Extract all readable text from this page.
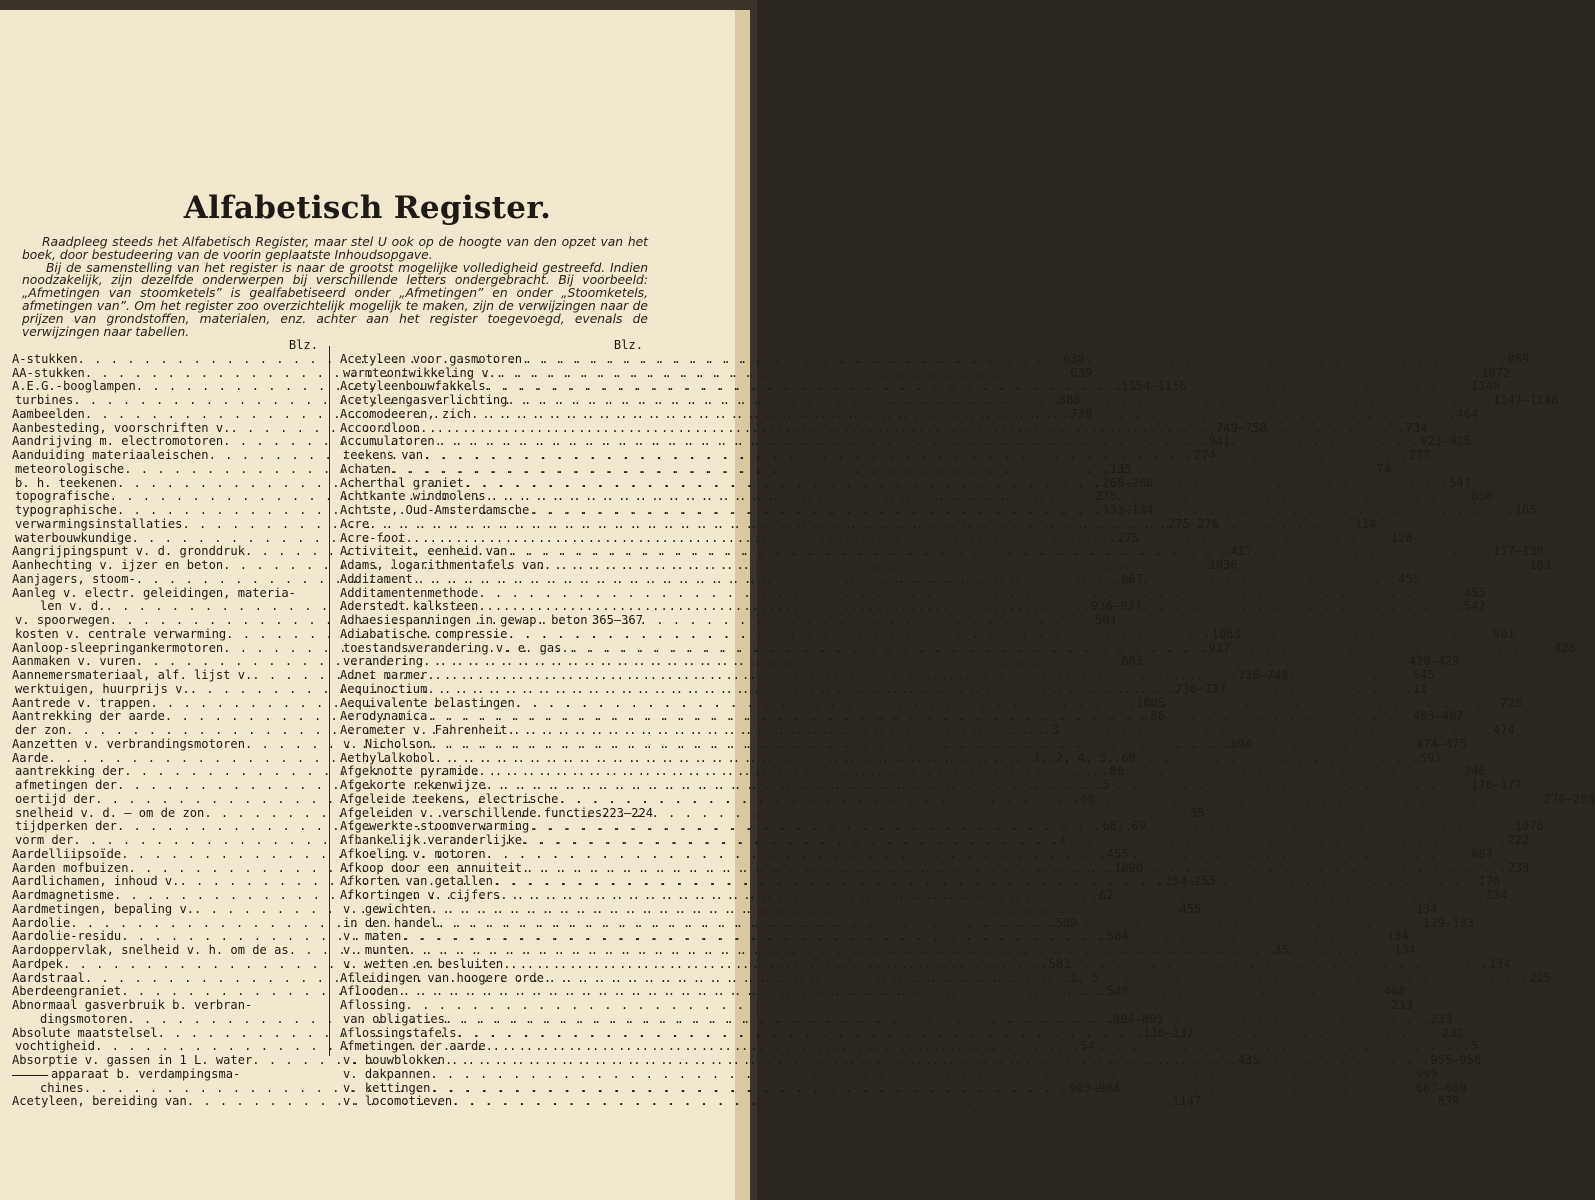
Alfabetisch Register.

Raadpleeg steeds het Alfabetisch Register, maar stel U ook op de hoogte van den opzet van het boek, door bestudeering van de voorin geplaatste Inhoudsopgave.

Bij de samenstelling van het register is naar de grootst mogelijke volledigheid gestreefd. Indien noodzakelijk, zijn dezelfde onderwerpen bij verschillende letters ondergebracht. Bij voorbeeld: „Afmetingen van stoomketels” is gealfabetiseerd onder „Afmetingen” en onder „Stoomketels, afmetingen van”. Om het register zoo overzichtelijk mogelijk te maken, zijn de verwijzingen naar de prijzen van grondstoffen, materialen, enz. achter aan het register toegevoegd, evenals de verwijzingen naar tabellen.

Blz.
A-stukken . . .	638
AA-stukken . . .	639
A.E.G.-booglampen . . .	1154—1156
turbines . . .	880
Aambeelden . . .	738
Aanbesteding, voorschriften v. . . .	749—750
Aandrijving m. electromotoren . . .	941
Aanduiding materiaaleischen . . .	274
meteorologische . . .	135
b. h. teekenen . . .	268—286
topografische . . .	275
typographische . . .	133—134
verwarmingsinstallaties . . .	275—276
waterbouwkundige . . .	275
Aangrijpingspunt v. d. gronddruk . . .	417
Aanhechting v. ijzer en beton . . .	1036
Aanjagers, stoom- . . .	867
Aanleg v. electr. geleidingen, materia-
len v. d. . . .	936—937
v. spoorwegen . . .	501
kosten v. centrale verwarming . . .	1083
Aanloop-sleepringankermotoren . . .	917
Aanmaken v. vuren . . .	863
Aannemersmateriaal, alf. lijst v. . . .	738—748
werktuigen, huurprijs v. . . .	736—737
Aantrede v. trappen . . .	1005
Aantrekking der aarde . . .	86
der zon . . .	3
Aanzetten v. verbrandingsmotoren . . .	894
Aarde . . .	1, 2, 4, 5, 68
aantrekking der . . .	86
afmetingen der . . .	5
oertijd der . . .	68
snelheid v. d. — om de zon . . .	35
tijdperken der . . .	68, 69
vorm der . . .	4
Aardelliipsoïde . . .	455
Aarden mofbuizen . . .	1090
Aardlichamen, inhoud v. . . .	254—255
Aardmagnetisme . . .	62
Aardmetingen, bepaling v. . . .	455
Aardolie . . .	589
Aardolie-residu . . .	584
Aardoppervlak, snelheid v. h. om de as . . .	35
Aardpek . . .	583
Aardstraal . . .	2, 5
Aberdeengraniet . . .	548
Abnormaal gasverbruik b. verbran-
dingsmotoren . . .	894—895
Absolute maatstelsel . . .	136—137
vochtigheid . . .	54
Absorptie v. gassen in 1 L. water . . .	435
apparaat b. verdampingsma-
chines . . .	903—904
Acetyleen, bereiding van . . .	1147
Blz.
Acetyleen voor gasmotoren . . .	889
warmteontwikkeling v. . . .	1072
Acetyleenbouwfakkels . . .	1148
Acetyleengasverlichting . . .	1147—1148
Accomodeeren, zich . . .	464
Accoordloon . . .	734
Accumulatoren . . .	923—925
teekens van . . .	277
Achaten . . .	74
Acherthal graniet . . .	547
Achtkante windmolens . . .	850
Achtste, Oud-Amsterdamsche . . .	105
Acre . . .	114
Acre-foot . . .	128
Activiteit, eenheid van . . .	137—138
Adams, logarithmentafels van . . .	183
Additament . . .	455
Additamentenmethode . . .	455
Aderstedt kalksteen . . .	542
Adhaesiespanningen in gewap. beton 365—367
Adiabatische compressie . . .	901
toestandsverandering v. e. gas. . . .	428
verandering . . .	428—429
Adnet marmer . . .	545
Aequinoctium . . .	11
Aequivalente belastingen . . .	728
Aerodynamica . . .	403—407
Aerometer v. Fahrenheit . . .	474
v. Nicholson . . .	474—475
Aethylalkohol . . .	591
Afgeknotte pyramide . . .	246
Afgekorte rekenwijze . . .	176—177
Afgeleide teekens, electrische . . .	276—280
Afgeleiden v. verschillende functies 223—224
Afgewerkte-stoomverwarming . . .	1078
Afhankelijk veranderlijke . . .	222
Afkoeling v. motoren . . .	887
Afkoop door een annuiteit . . .	233
Afkorten van getallen . . .	176
Afkortingen v. cijfers . . .	134
v. gewichten . . .	134
in den handel . . .	129—133
v. maten . . .	134
v. munten . . .	134
v. wetten en besluiten . . .	134
Afleidingen van hoogere orde . . .	225
Aflooden . . .	468
Aflossing . . .	233
van obligaties . . .	233
Aflossingstafels . . .	232
Afmetingen der aarde . . .	5
v. bouwblokken . . .	955—956
v. dakpannen . . .	999
v. kettingen . . .	667—669
v. locomotieven . . .	879
